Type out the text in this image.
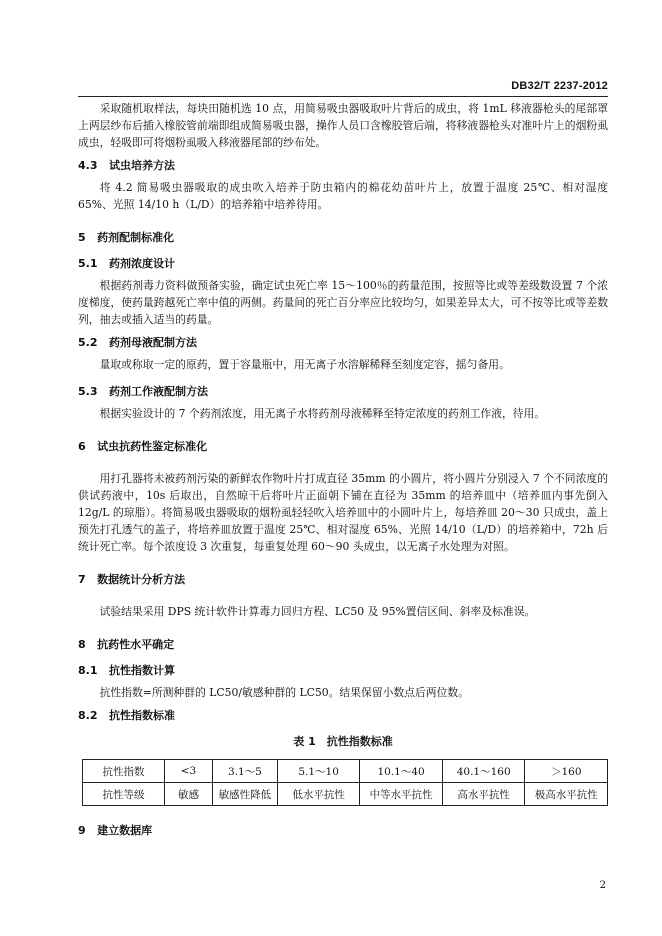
DB32/T 2237-2012

采取随机取样法，每块田随机选 10 点，用简易吸虫器吸取叶片背后的成虫，将 1mL 移液器枪头的尾部罩上两层纱布后插入橡胶管前端即组成简易吸虫器，操作人员口含橡胶管后端，将移液器枪头对准叶片上的烟粉虱成虫，轻吸即可将烟粉虱吸入移液器尾部的纱布处。

4.3 试虫培养方法

将 4.2 简易吸虫器吸取的成虫吹入培养于防虫箱内的棉花幼苗叶片上，放置于温度 25℃、相对湿度 65%、光照 14/10 h（L/D）的培养箱中培养待用。

5 药剂配制标准化
5.1 药剂浓度设计

根据药剂毒力资料做预备实验，确定试虫死亡率 15～100％的药量范围，按照等比或等差级数设置 7 个浓度梯度，使药量跨越死亡率中值的两侧。药量间的死亡百分率应比较均匀，如果差异太大，可不按等比或等差数列，抽去或插入适当的药量。

5.2 药剂母液配制方法

量取或称取一定的原药，置于容量瓶中，用无离子水溶解稀释至刻度定容，摇匀备用。

5.3 药剂工作液配制方法

根据实验设计的 7 个药剂浓度，用无离子水将药剂母液稀释至特定浓度的药剂工作液，待用。

6 试虫抗药性鉴定标准化

用打孔器将未被药剂污染的新鲜农作物叶片打成直径 35mm 的小圆片，将小圆片分别浸入 7 个不同浓度的供试药液中，10s 后取出，自然晾干后将叶片正面朝下铺在直径为 35mm 的培养皿中（培养皿内事先倒入 12g/L 的琼脂）。将简易吸虫器吸取的烟粉虱轻轻吹入培养皿中的小圆叶片上，每培养皿 20～30 只成虫，盖上预先打孔透气的盖子，将培养皿放置于温度 25℃、相对湿度 65%、光照 14/10（L/D）的培养箱中，72h 后统计死亡率。每个浓度设 3 次重复，每重复处理 60～90 头成虫，以无离子水处理为对照。

7 数据统计分析方法

试验结果采用 DPS 统计软件计算毒力回归方程、LC50 及 95%置信区间、斜率及标准误。

8 抗药性水平确定
8.1 抗性指数计算

抗性指数=所测种群的 LC50/敏感种群的 LC50。结果保留小数点后两位数。

8.2 抗性指数标准
表 1　抗性指数标准
抗性指数	<3	3.1～5	5.1～10	10.1～40	40.1～160	＞160
抗性等级	敏感	敏感性降低	低水平抗性	中等水平抗性	高水平抗性	极高水平抗性
9 建立数据库
2
